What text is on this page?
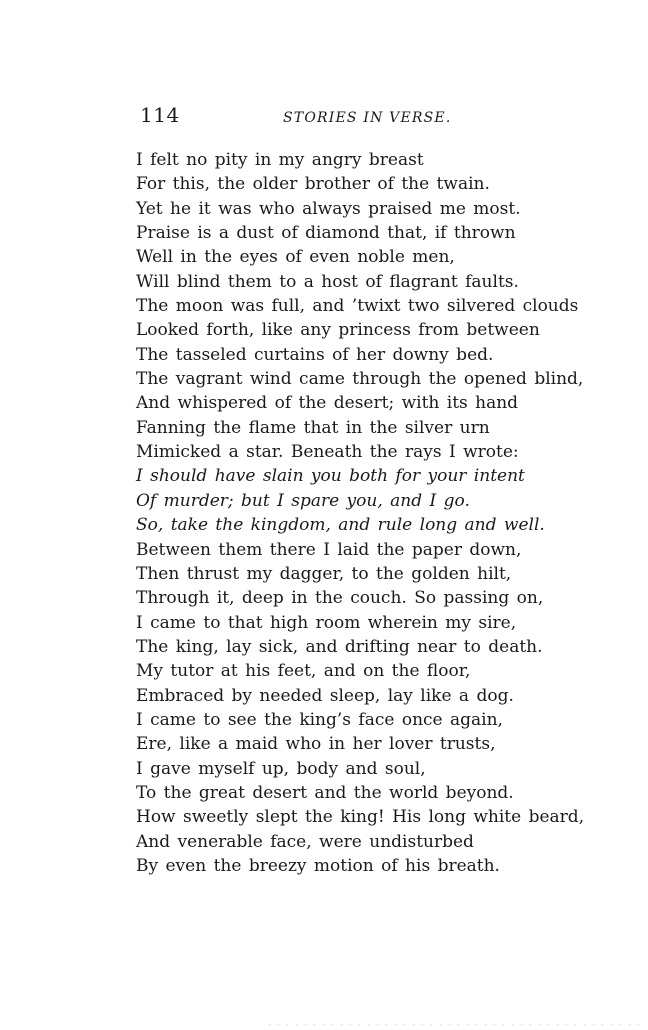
114	STORIES IN VERSE.
I felt no pity in my angry breast
For this, the older brother of the twain.
Yet he it was who always praised me most.
Praise is a dust of diamond that, if thrown
Well in the eyes of even noble men,
Will blind them to a host of flagrant faults.
The moon was full, and ’twixt two silvered clouds
Looked forth, like any princess from between
The tasseled curtains of her downy bed.
The vagrant wind came through the opened blind,
And whispered of the desert; with its hand
Fanning the flame that in the silver urn
Mimicked a star. Beneath the rays I wrote:
I should have slain you both for your intent
Of murder; but I spare you, and I go.
So, take the kingdom, and rule long and well.
Between them there I laid the paper down,
Then thrust my dagger, to the golden hilt,
Through it, deep in the couch. So passing on,
I came to that high room wherein my sire,
The king, lay sick, and drifting near to death.
My tutor at his feet, and on the floor,
Embraced by needed sleep, lay like a dog.
I came to see the king’s face once again,
Ere, like a maid who in her lover trusts,
I gave myself up, body and soul,
To the great desert and the world beyond.
How sweetly slept the king! His long white beard,
And venerable face, were undisturbed
By even the breezy motion of his breath.
